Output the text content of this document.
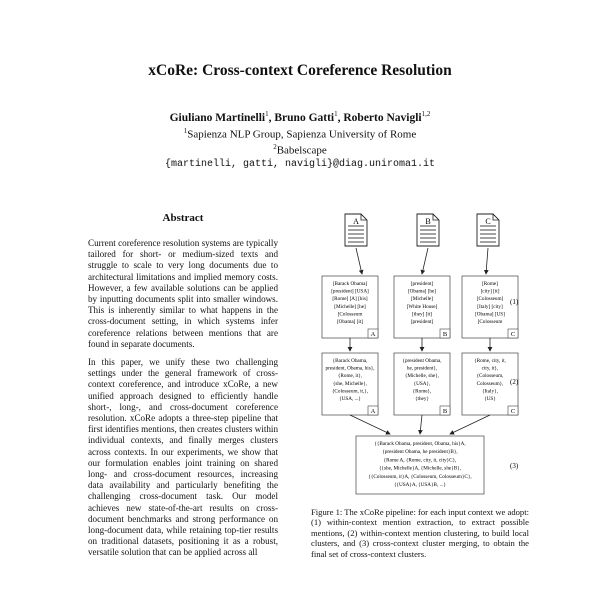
xCoRe: Cross-context Coreference Resolution
Giuliano Martinelli$^1$, Bruno Gatti$^1$, Roberto Navigli$^{1,2}$
$^1$Sapienza NLP Group, Sapienza University of Rome
$^2$Babelscape
{martinelli, gatti, navigli}@diag.uniroma1.it
Abstract

Current coreference resolution systems are typically tailored for short- or medium-sized texts and struggle to scale to very long documents due to architectural limitations and implied memory costs. However, a few available solutions can be applied by inputting documents split into smaller windows. This is inherently similar to what happens in the cross-document setting, in which systems infer coreference relations between mentions that are found in separate documents.

In this paper, we unify these two challenging settings under the general framework of cross-context coreference, and introduce xCoRe, a new unified approach designed to efficiently handle short-, long-, and cross-document coreference resolution. xCoRe adopts a three-step pipeline that first identifies mentions, then creates clusters within individual contexts, and finally merges clusters across contexts. In our experiments, we show that our formulation enables joint training on shared long- and cross-document resources, increasing data availability and particularly benefiting the challenging cross-document task. Our model achieves new state-of-the-art results on cross-document benchmarks and strong performance on long-document data, while retaining top-tier results on traditional datasets, positioning it as a robust, versatile solution that can be applied across all

A	B	C
[Barack Obama]
[president] [USA]
[Rome] [A] [his]
[Michelle] [he]
[Colosseum
[Obama] [it]
A
[president]
[Obama] [he]
[Michelle]
[White House]
[they] [it]
[president]
B
[Rome]
[city] [it]
[Colosseum]
[Italy] [city]
[Obama] [US]
[Colosseum
C
(1)
{Barack Obama,
president, Obama, his},
{Rome, it},
{she, Michelle},
{Colosseum, it,},
{USA, ...}
A
{president Obama,
he, president},
{Michelle, she},
{USA},
{Rome},
{they}
B
{Rome, city, it,
city, it},
{Colosseum,
Colosseum},
{Italy},
{US}
C
(2)
{{Barack Obama, president, Obama, his}A,
{president Obama, he president}B},
{Rome A, {Rome, city, it, city}C},
{{she, Michelle}A, {Michelle, she}B},
{{Colosseum, it}A, {Colosseum, Colosseum}C},
{{USA}A, {USA}B, ...}
(3)
Figure 1: The xCoRe pipeline: for each input context we adopt: (1) within-context mention extraction, to extract possible mentions, (2) within-context mention clustering, to build local clusters, and (3) cross-context cluster merging, to obtain the final set of cross-context clusters.
